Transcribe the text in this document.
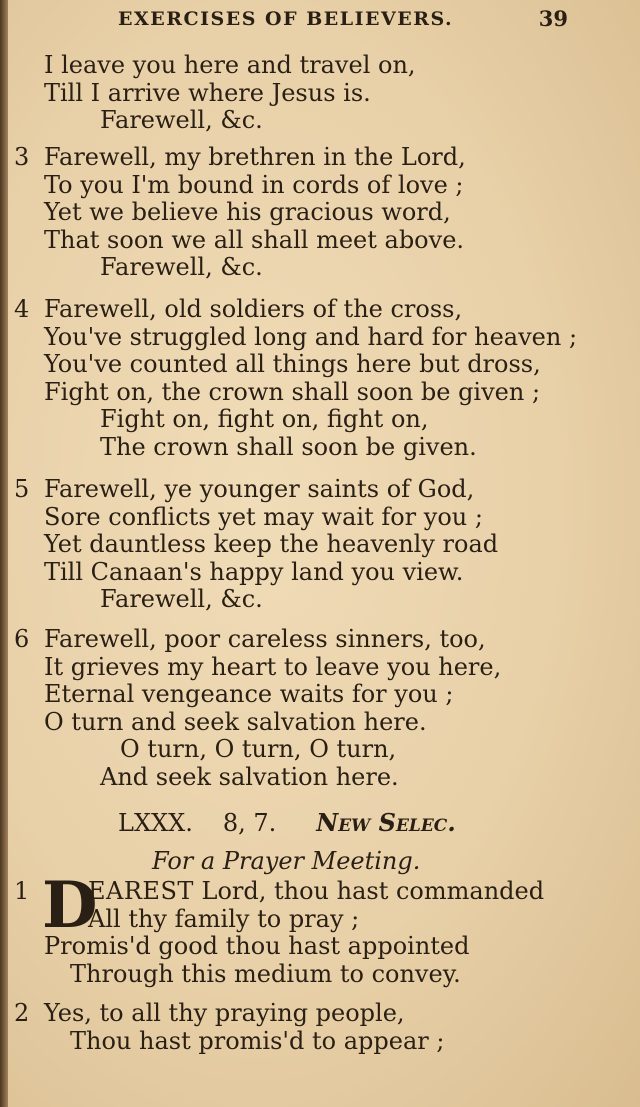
EXERCISES OF BELIEVERS.	39
I leave you here and travel on,
Till I arrive where Jesus is.
Farewell, &c.
3 Farewell, my brethren in the Lord,
To you I'm bound in cords of love ;
Yet we believe his gracious word,
That soon we all shall meet above.
Farewell, &c.
4 Farewell, old soldiers of the cross,
You've struggled long and hard for heaven ;
You've counted all things here but dross,
Fight on, the crown shall soon be given ;
Fight on, fight on, fight on,
The crown shall soon be given.
5 Farewell, ye younger saints of God,
Sore conflicts yet may wait for you ;
Yet dauntless keep the heavenly road
Till Canaan's happy land you view.
Farewell, &c.
6 Farewell, poor careless sinners, too,
It grieves my heart to leave you here,
Eternal vengeance waits for you ;
O turn and seek salvation here.
O turn, O turn, O turn,
And seek salvation here.
LXXX. 8, 7. New Selec.
For a Prayer Meeting.
D
1 EAREST Lord, thou hast commanded
All thy family to pray ;
Promis'd good thou hast appointed
Through this medium to convey.
2 Yes, to all thy praying people,
Thou hast promis'd to appear ;
